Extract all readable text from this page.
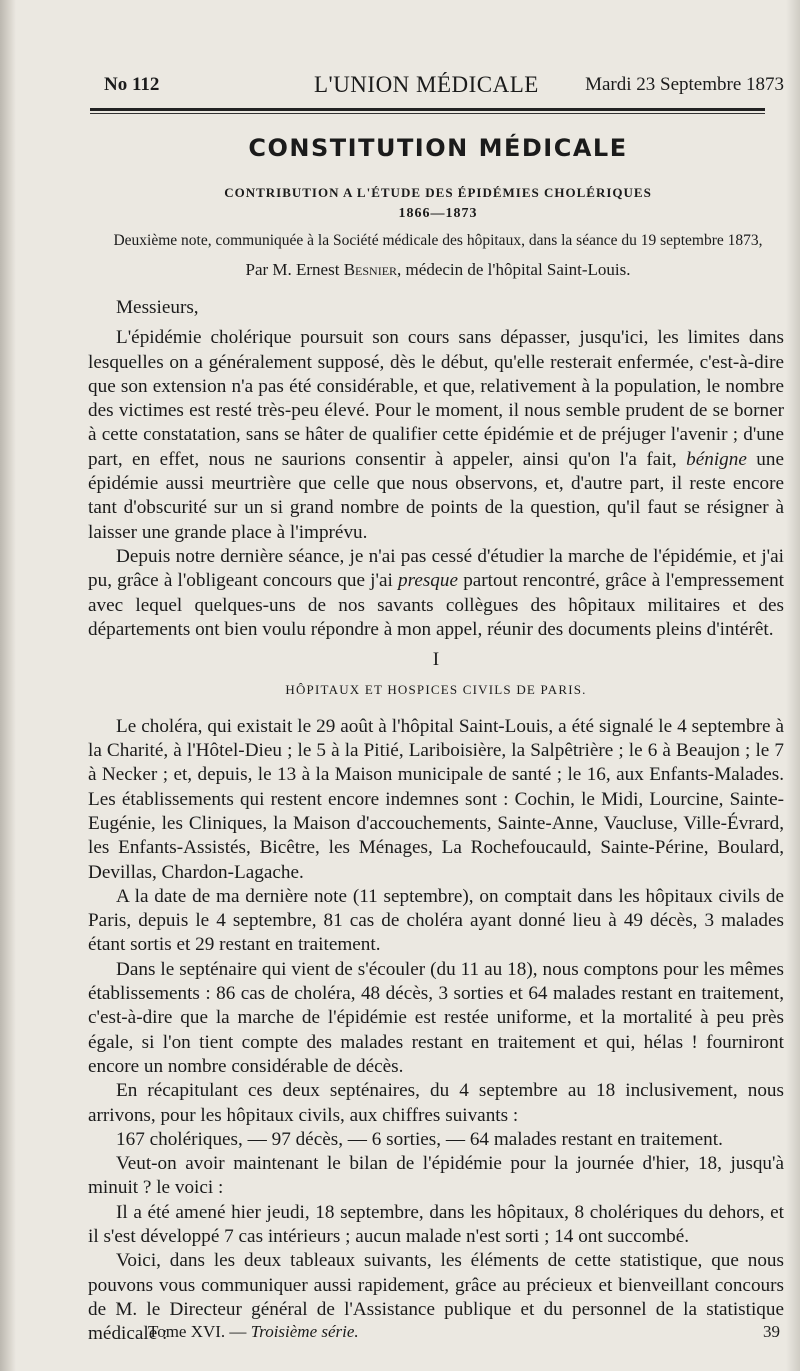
No 112	L'UNION MÉDICALE Mardi 23 Septembre 1873
CONSTITUTION MÉDICALE
CONTRIBUTION A L'ÉTUDE DES ÉPIDÉMIES CHOLÉRIQUES
1866—1873
Deuxième note, communiquée à la Société médicale des hôpitaux, dans la séance du 19 septembre 1873,
Par M. Ernest Besnier, médecin de l'hôpital Saint-Louis.

Messieurs,

L'épidémie cholérique poursuit son cours sans dépasser, jusqu'ici, les limites dans lesquelles on a généralement supposé, dès le début, qu'elle resterait enfermée, c'est-à-dire que son extension n'a pas été considérable, et que, relativement à la population, le nombre des victimes est resté très-peu élevé. Pour le moment, il nous semble prudent de se borner à cette constatation, sans se hâter de qualifier cette épidémie et de préjuger l'avenir ; d'une part, en effet, nous ne saurions consentir à appeler, ainsi qu'on l'a fait, bénigne une épidémie aussi meurtrière que celle que nous observons, et, d'autre part, il reste encore tant d'obscurité sur un si grand nombre de points de la question, qu'il faut se résigner à laisser une grande place à l'imprévu.

Depuis notre dernière séance, je n'ai pas cessé d'étudier la marche de l'épidémie, et j'ai pu, grâce à l'obligeant concours que j'ai presque partout rencontré, grâce à l'empressement avec lequel quelques-uns de nos savants collègues des hôpitaux militaires et des départements ont bien voulu répondre à mon appel, réunir des documents pleins d'intérêt.

I

HÔPITAUX ET HOSPICES CIVILS DE PARIS.

Le choléra, qui existait le 29 août à l'hôpital Saint-Louis, a été signalé le 4 septembre à la Charité, à l'Hôtel-Dieu ; le 5 à la Pitié, Lariboisière, la Salpêtrière ; le 6 à Beaujon ; le 7 à Necker ; et, depuis, le 13 à la Maison municipale de santé ; le 16, aux Enfants-Malades. Les établissements qui restent encore indemnes sont : Cochin, le Midi, Lourcine, Sainte-Eugénie, les Cliniques, la Maison d'accouchements, Sainte-Anne, Vaucluse, Ville-Évrard, les Enfants-Assistés, Bicêtre, les Ménages, La Rochefoucauld, Sainte-Périne, Boulard, Devillas, Chardon-Lagache.

A la date de ma dernière note (11 septembre), on comptait dans les hôpitaux civils de Paris, depuis le 4 septembre, 81 cas de choléra ayant donné lieu à 49 décès, 3 malades étant sortis et 29 restant en traitement.

Dans le septénaire qui vient de s'écouler (du 11 au 18), nous comptons pour les mêmes établissements : 86 cas de choléra, 48 décès, 3 sorties et 64 malades restant en traitement, c'est-à-dire que la marche de l'épidémie est restée uniforme, et la mortalité à peu près égale, si l'on tient compte des malades restant en traitement et qui, hélas ! fourniront encore un nombre considérable de décès.

En récapitulant ces deux septénaires, du 4 septembre au 18 inclusivement, nous arrivons, pour les hôpitaux civils, aux chiffres suivants :

167 cholériques, — 97 décès, — 6 sorties, — 64 malades restant en traitement.

Veut-on avoir maintenant le bilan de l'épidémie pour la journée d'hier, 18, jusqu'à minuit ? le voici :

Il a été amené hier jeudi, 18 septembre, dans les hôpitaux, 8 cholériques du dehors, et il s'est développé 7 cas intérieurs ; aucun malade n'est sorti ; 14 ont succombé.

Voici, dans les deux tableaux suivants, les éléments de cette statistique, que nous pouvons vous communiquer aussi rapidement, grâce au précieux et bienveillant concours de M. le Directeur général de l'Assistance publique et du personnel de la statistique médicale :

Tome XVI. — Troisième série.	39
